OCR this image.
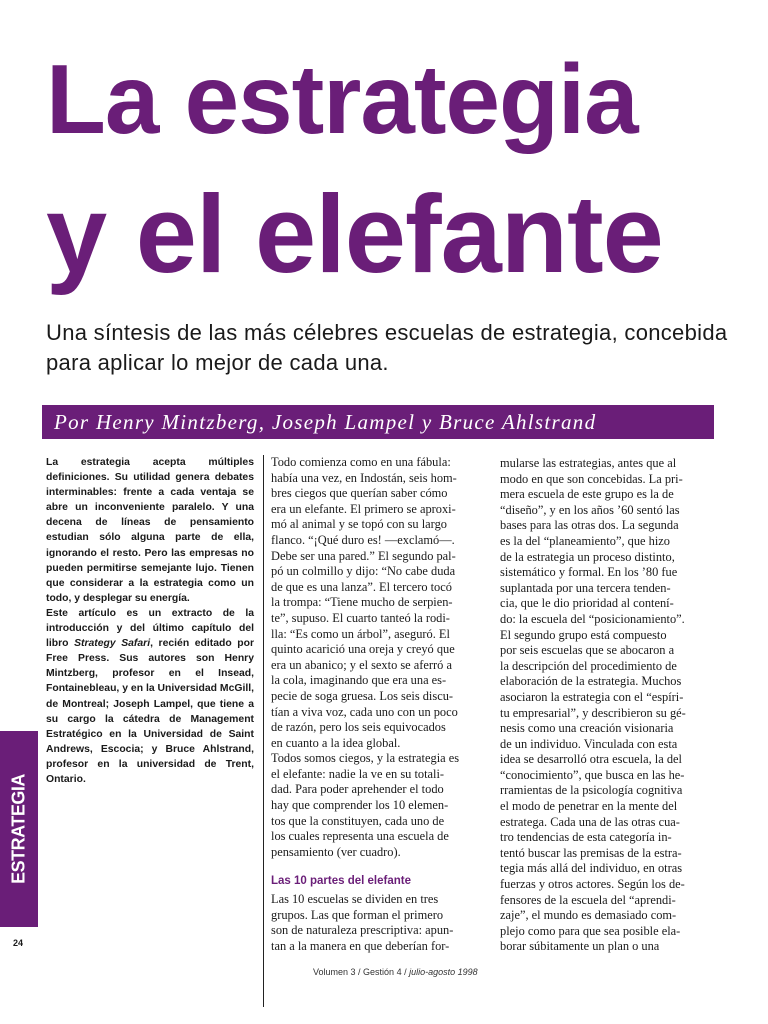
La estrategia
y el elefante

Una síntesis de las más célebres escuelas de estrategia, concebida para aplicar lo mejor de cada una.

Por Henry Mintzberg, Joseph Lampel y Bruce Ahlstrand

La estrategia acepta múltiples definiciones. Su utilidad genera debates interminables: frente a cada ventaja se abre un inconveniente paralelo. Y una decena de líneas de pensamiento estudian sólo alguna parte de ella, ignorando el resto. Pero las empresas no pueden permitirse semejante lujo. Tienen que considerar a la estrategia como un todo, y desplegar su energía.

Este artículo es un extracto de la introducción y del último capítulo del libro Strategy Safari, recién editado por Free Press. Sus autores son Henry Mintzberg, profesor en el Insead, Fontainebleau, y en la Universidad McGill, de Montreal; Joseph Lampel, que tiene a su cargo la cátedra de Management Estratégico en la Universidad de Saint Andrews, Escocia; y Bruce Ahlstrand, profesor en la universidad de Trent, Ontario.

Todo comienza como en una fábula:
había una vez, en Indostán, seis hom-
bres ciegos que querían saber cómo
era un elefante. El primero se aproxi-
mó al animal y se topó con su largo
flanco. “¡Qué duro es! —exclamó—.
Debe ser una pared.” El segundo pal-
pó un colmillo y dijo: “No cabe duda
de que es una lanza”. El tercero tocó
la trompa: “Tiene mucho de serpien-
te”, supuso. El cuarto tanteó la rodi-
lla: “Es como un árbol”, aseguró. El
quinto acarició una oreja y creyó que
era un abanico; y el sexto se aferró a
la cola, imaginando que era una es-
pecie de soga gruesa. Los seis discu-
tían a viva voz, cada uno con un poco
de razón, pero los seis equivocados
en cuanto a la idea global.
Todos somos ciegos, y la estrategia es
el elefante: nadie la ve en su totali-
dad. Para poder aprehender el todo
hay que comprender los 10 elemen-
tos que la constituyen, cada uno de
los cuales representa una escuela de
pensamiento (ver cuadro).
Las 10 partes del elefante
Las 10 escuelas se dividen en tres
grupos. Las que forman el primero
son de naturaleza prescriptiva: apun-
tan a la manera en que deberían for-
mularse las estrategias, antes que al
modo en que son concebidas. La pri-
mera escuela de este grupo es la de
“diseño”, y en los años ’60 sentó las
bases para las otras dos. La segunda
es la del “planeamiento”, que hizo
de la estrategia un proceso distinto,
sistemático y formal. En los ’80 fue
suplantada por una tercera tenden-
cia, que le dio prioridad al contení-
do: la escuela del “posicionamiento”.
El segundo grupo está compuesto
por seis escuelas que se abocaron a
la descripción del procedimiento de
elaboración de la estrategia. Muchos
asociaron la estrategia con el “espíri-
tu empresarial”, y describieron su gé-
nesis como una creación visionaria
de un individuo. Vinculada con esta
idea se desarrolló otra escuela, la del
“conocimiento”, que busca en las he-
rramientas de la psicología cognitiva
el modo de penetrar en la mente del
estratega. Cada una de las otras cua-
tro tendencias de esta categoría in-
tentó buscar las premisas de la estra-
tegia más allá del individuo, en otras
fuerzas y otros actores. Según los de-
fensores de la escuela del “aprendi-
zaje”, el mundo es demasiado com-
plejo como para que sea posible ela-
borar súbitamente un plan o una
ESTRATEGIA
24
Volumen 3 / Gestión 4 / julio-agosto 1998
